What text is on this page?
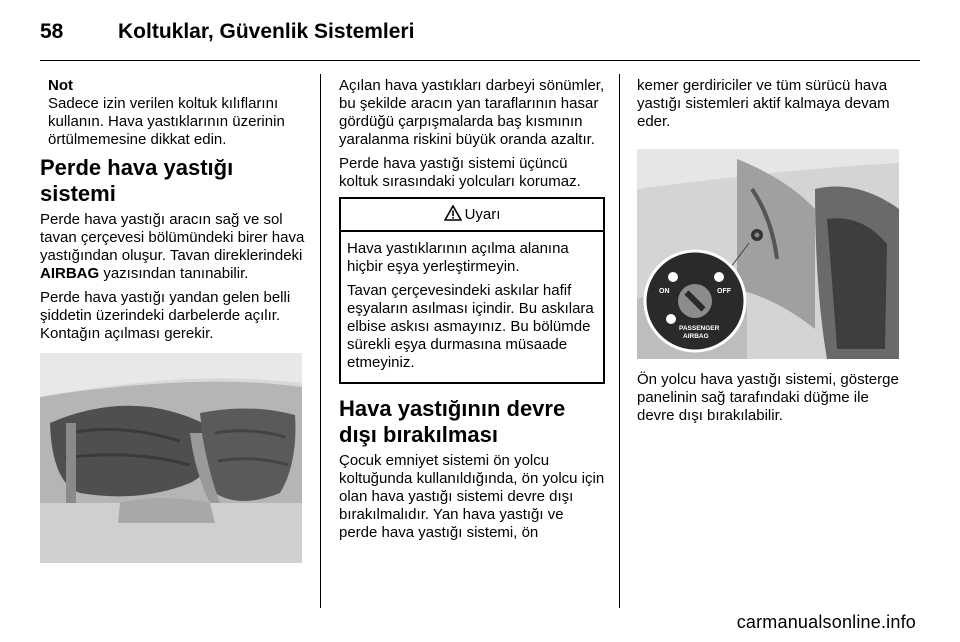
58	Koltuklar, Güvenlik Sistemleri
Not
Sadece izin verilen koltuk kılıflarını kullanın. Hava yastıklarının üzerinin örtülmemesine dikkat edin.
Perde hava yastığı sistemi

Perde hava yastığı aracın sağ ve sol tavan çerçevesi bölümündeki birer hava yastığından oluşur. Tavan direklerindeki AIRBAG yazısından tanınabilir.

Perde hava yastığı yandan gelen belli şiddetin üzerindeki darbelerde açılır. Kontağın açılması gerekir.

Açılan hava yastıkları darbeyi sönümler, bu şekilde aracın yan taraflarının hasar gördüğü çarpışmalarda baş kısmının yaralanma riskini büyük oranda azaltır.

Perde hava yastığı sistemi üçüncü koltuk sırasındaki yolcuları korumaz.

Uyarı

Hava yastıklarının açılma alanına hiçbir eşya yerleştirmeyin.

Tavan çerçevesindeki askılar hafif eşyaların asılması içindir. Bu askılara elbise askısı asmayınız. Bu bölümde sürekli eşya durmasına müsaade etmeyiniz.

Hava yastığının devre dışı bırakılması

Çocuk emniyet sistemi ön yolcu koltuğunda kullanıldığında, ön yolcu için olan hava yastığı sistemi devre dışı bırakılmalıdır. Yan hava yastığı ve perde hava yastığı sistemi, ön

kemer gerdiriciler ve tüm sürücü hava yastığı sistemleri aktif kalmaya devam eder.

ON	OFF
PASSENGER
AIRBAG

Ön yolcu hava yastığı sistemi, gösterge panelinin sağ tarafındaki düğme ile devre dışı bırakılabilir.

carmanualsonline.info
